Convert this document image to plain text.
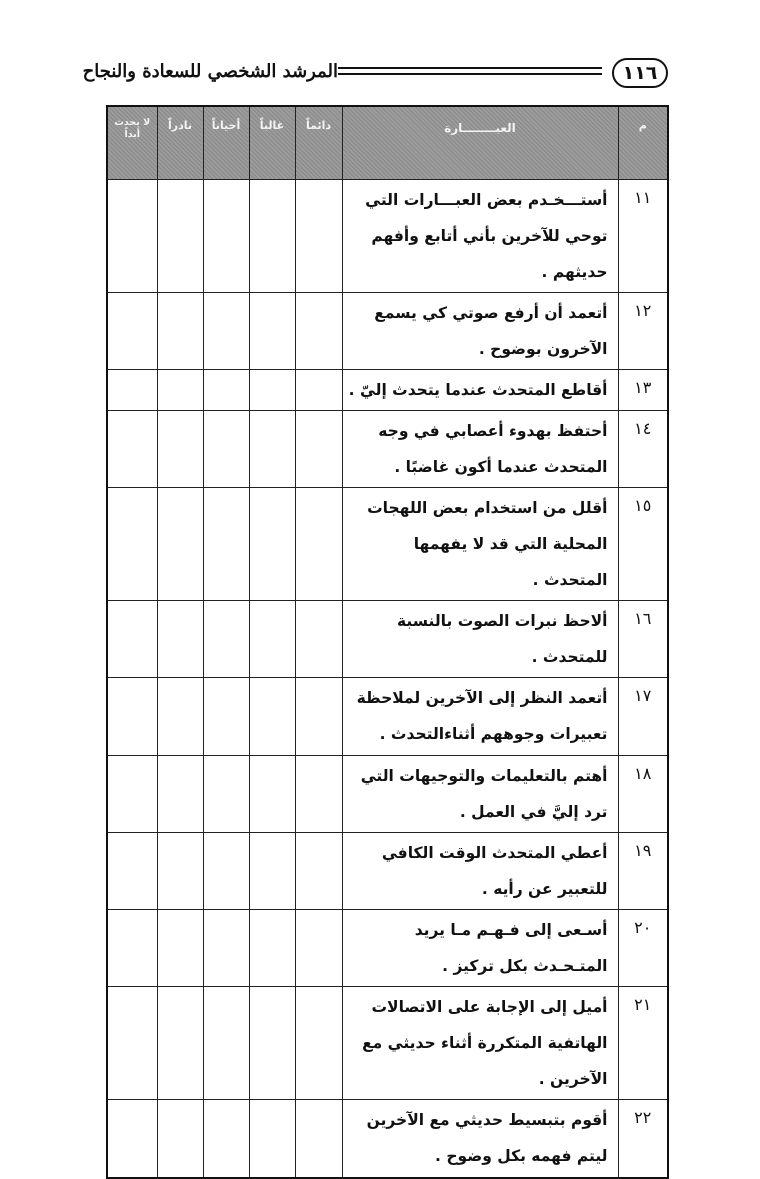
١١٦
المرشد الشخصي للسعادة والنجاح
م	العبــــــــارة	دائماً	غالباً	أحياناً	نادراً	لا يحدث أبداً
١١	أستـــخـدم بعض العبـــارات التي توحي للآخرين بأني أتابع وأفهم حديثهم .					
١٢	أتعمد أن أرفع صوتي كي يسمع الآخرون بوضوح .					
١٣	أقاطع المتحدث عندما يتحدث إليّ .					
١٤	أحتفظ بهدوء أعصابي في وجه المتحدث عندما أكون غاضبًا .					
١٥	أقلل من استخدام بعض اللهجات المحلية التي قد لا يفهمها المتحدث .					
١٦	ألاحظ نبرات الصوت بالنسبة للمتحدث .					
١٧	أتعمد النظر إلى الآخرين لملاحظة تعبيرات وجوههم أثناءالتحدث .					
١٨	أهتم بالتعليمات والتوجيهات التي ترد إليَّ في العمل .					
١٩	أعطي المتحدث الوقت الكافي للتعبير عن رأيه .					
٢٠	أسـعى إلى فـهـم مـا يريد المتـحـدث بكل تركيز .					
٢١	أميل إلى الإجابة على الاتصالات الهاتفية المتكررة أثناء حديثي مع الآخرين .					
٢٢	أقوم بتبسيط حديثي مع الآخرين ليتم فهمه بكل وضوح .					
